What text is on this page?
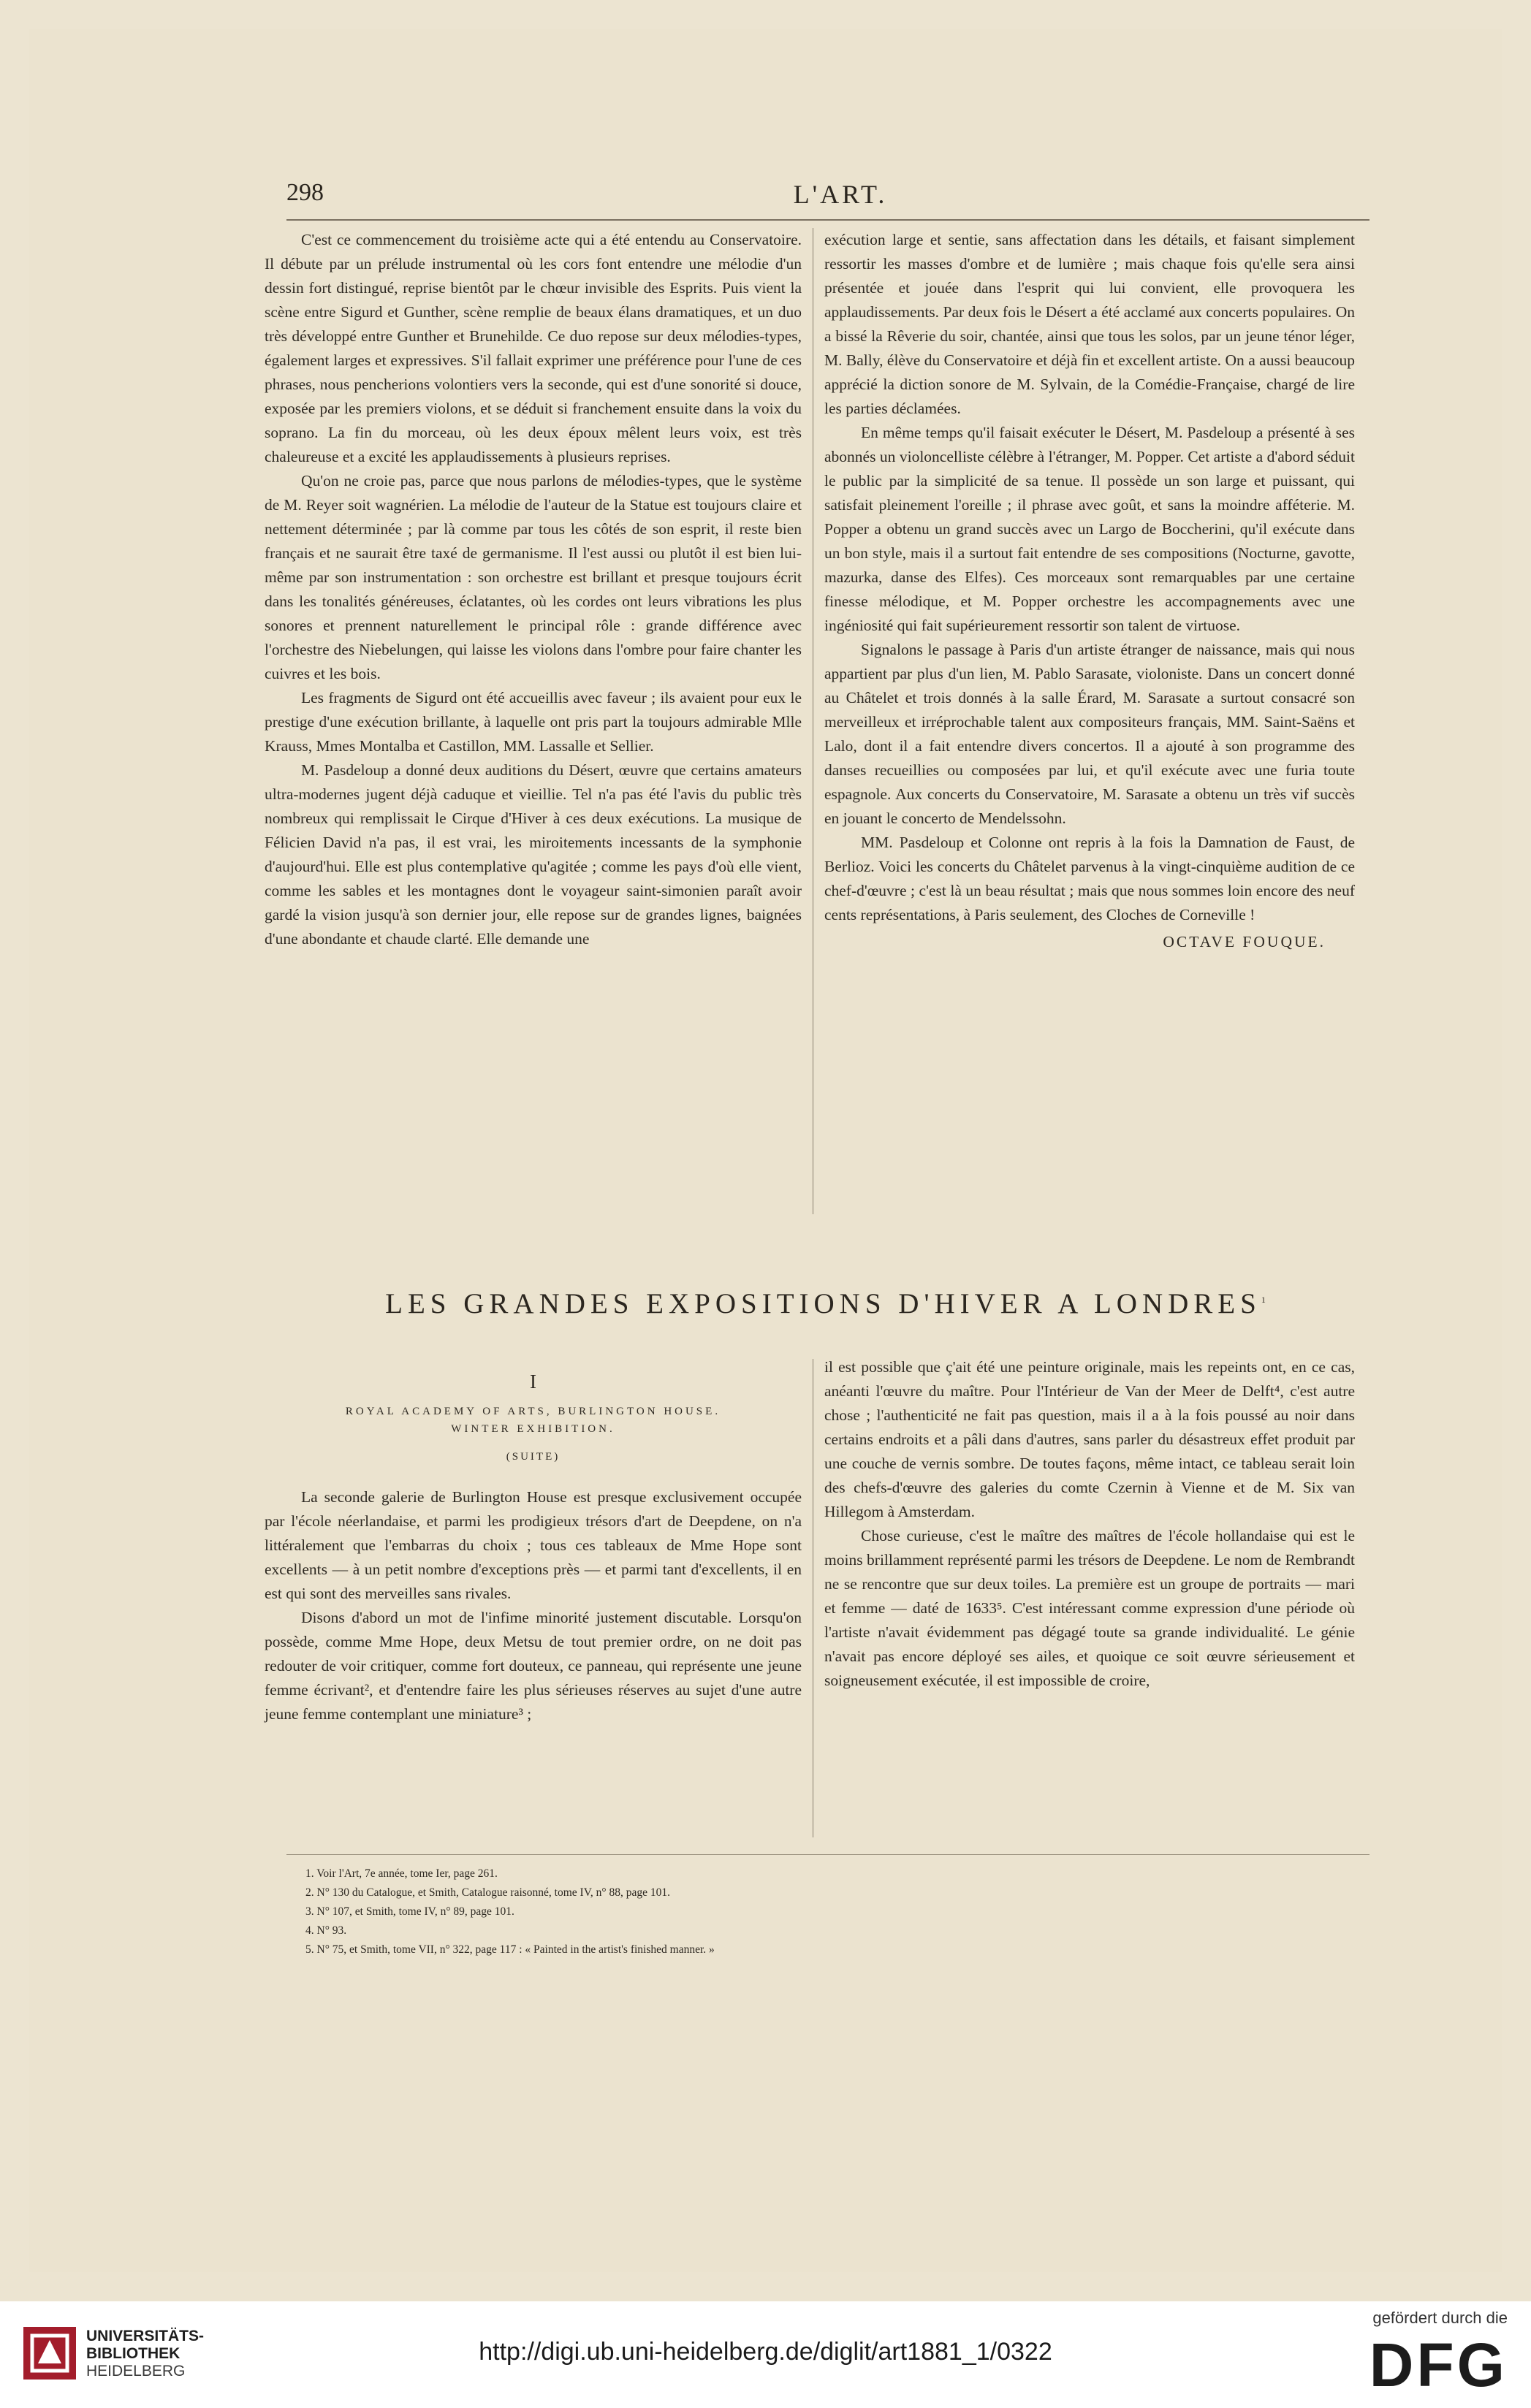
298	L'ART.

C'est ce commencement du troisième acte qui a été entendu au Conservatoire. Il débute par un prélude instrumental où les cors font entendre une mélodie d'un dessin fort distingué, reprise bientôt par le chœur invisible des Esprits. Puis vient la scène entre Sigurd et Gunther, scène remplie de beaux élans dramatiques, et un duo très développé entre Gunther et Brunehilde. Ce duo repose sur deux mélodies-types, également larges et expressives. S'il fallait exprimer une préférence pour l'une de ces phrases, nous pencherions volontiers vers la seconde, qui est d'une sonorité si douce, exposée par les premiers violons, et se déduit si franchement ensuite dans la voix du soprano. La fin du morceau, où les deux époux mêlent leurs voix, est très chaleureuse et a excité les applaudissements à plusieurs reprises.

Qu'on ne croie pas, parce que nous parlons de mélodies-types, que le système de M. Reyer soit wagnérien. La mélodie de l'auteur de la Statue est toujours claire et nettement déterminée ; par là comme par tous les côtés de son esprit, il reste bien français et ne saurait être taxé de germanisme. Il l'est aussi ou plutôt il est bien lui-même par son instrumentation : son orchestre est brillant et presque toujours écrit dans les tonalités généreuses, éclatantes, où les cordes ont leurs vibrations les plus sonores et prennent naturellement le principal rôle : grande différence avec l'orchestre des Niebelungen, qui laisse les violons dans l'ombre pour faire chanter les cuivres et les bois.

Les fragments de Sigurd ont été accueillis avec faveur ; ils avaient pour eux le prestige d'une exécution brillante, à laquelle ont pris part la toujours admirable Mlle Krauss, Mmes Montalba et Castillon, MM. Lassalle et Sellier.

M. Pasdeloup a donné deux auditions du Désert, œuvre que certains amateurs ultra-modernes jugent déjà caduque et vieillie. Tel n'a pas été l'avis du public très nombreux qui remplissait le Cirque d'Hiver à ces deux exécutions. La musique de Félicien David n'a pas, il est vrai, les miroitements incessants de la symphonie d'aujourd'hui. Elle est plus contemplative qu'agitée ; comme les pays d'où elle vient, comme les sables et les montagnes dont le voyageur saint-simonien paraît avoir gardé la vision jusqu'à son dernier jour, elle repose sur de grandes lignes, baignées d'une abondante et chaude clarté. Elle demande une

exécution large et sentie, sans affectation dans les détails, et faisant simplement ressortir les masses d'ombre et de lumière ; mais chaque fois qu'elle sera ainsi présentée et jouée dans l'esprit qui lui convient, elle provoquera les applaudissements. Par deux fois le Désert a été acclamé aux concerts populaires. On a bissé la Rêverie du soir, chantée, ainsi que tous les solos, par un jeune ténor léger, M. Bally, élève du Conservatoire et déjà fin et excellent artiste. On a aussi beaucoup apprécié la diction sonore de M. Sylvain, de la Comédie-Française, chargé de lire les parties déclamées.

En même temps qu'il faisait exécuter le Désert, M. Pasdeloup a présenté à ses abonnés un violoncelliste célèbre à l'étranger, M. Popper. Cet artiste a d'abord séduit le public par la simplicité de sa tenue. Il possède un son large et puissant, qui satisfait pleinement l'oreille ; il phrase avec goût, et sans la moindre afféterie. M. Popper a obtenu un grand succès avec un Largo de Boccherini, qu'il exécute dans un bon style, mais il a surtout fait entendre de ses compositions (Nocturne, gavotte, mazurka, danse des Elfes). Ces morceaux sont remarquables par une certaine finesse mélodique, et M. Popper orchestre les accompagnements avec une ingéniosité qui fait supérieurement ressortir son talent de virtuose.

Signalons le passage à Paris d'un artiste étranger de naissance, mais qui nous appartient par plus d'un lien, M. Pablo Sarasate, violoniste. Dans un concert donné au Châtelet et trois donnés à la salle Érard, M. Sarasate a surtout consacré son merveilleux et irréprochable talent aux compositeurs français, MM. Saint-Saëns et Lalo, dont il a fait entendre divers concertos. Il a ajouté à son programme des danses recueillies ou composées par lui, et qu'il exécute avec une furia toute espagnole. Aux concerts du Conservatoire, M. Sarasate a obtenu un très vif succès en jouant le concerto de Mendelssohn.

MM. Pasdeloup et Colonne ont repris à la fois la Damnation de Faust, de Berlioz. Voici les concerts du Châtelet parvenus à la vingt-cinquième audition de ce chef-d'œuvre ; c'est là un beau résultat ; mais que nous sommes loin encore des neuf cents représentations, à Paris seulement, des Cloches de Corneville !

OCTAVE FOUQUE.

LES GRANDES EXPOSITIONS D'HIVER A LONDRES$^1$

I

ROYAL ACADEMY OF ARTS, BURLINGTON HOUSE.

WINTER EXHIBITION.

(SUITE)

La seconde galerie de Burlington House est presque exclusivement occupée par l'école néerlandaise, et parmi les prodigieux trésors d'art de Deepdene, on n'a littéralement que l'embarras du choix ; tous ces tableaux de Mme Hope sont excellents — à un petit nombre d'exceptions près — et parmi tant d'excellents, il en est qui sont des merveilles sans rivales.

Disons d'abord un mot de l'infime minorité justement discutable. Lorsqu'on possède, comme Mme Hope, deux Metsu de tout premier ordre, on ne doit pas redouter de voir critiquer, comme fort douteux, ce panneau, qui représente une jeune femme écrivant², et d'entendre faire les plus sérieuses réserves au sujet d'une autre jeune femme contemplant une miniature³ ;

il est possible que ç'ait été une peinture originale, mais les repeints ont, en ce cas, anéanti l'œuvre du maître. Pour l'Intérieur de Van der Meer de Delft⁴, c'est autre chose ; l'authenticité ne fait pas question, mais il a à la fois poussé au noir dans certains endroits et a pâli dans d'autres, sans parler du désastreux effet produit par une couche de vernis sombre. De toutes façons, même intact, ce tableau serait loin des chefs-d'œuvre des galeries du comte Czernin à Vienne et de M. Six van Hillegom à Amsterdam.

Chose curieuse, c'est le maître des maîtres de l'école hollandaise qui est le moins brillamment représenté parmi les trésors de Deepdene. Le nom de Rembrandt ne se rencontre que sur deux toiles. La première est un groupe de portraits — mari et femme — daté de 1633⁵. C'est intéressant comme expression d'une période où l'artiste n'avait évidemment pas dégagé toute sa grande individualité. Le génie n'avait pas encore déployé ses ailes, et quoique ce soit œuvre sérieusement et soigneusement exécutée, il est impossible de croire,

1. Voir l'Art, 7e année, tome Ier, page 261.
2. N° 130 du Catalogue, et Smith, Catalogue raisonné, tome IV, n° 88, page 101.
3. N° 107, et Smith, tome IV, n° 89, page 101.
4. N° 93.
5. N° 75, et Smith, tome VII, n° 322, page 117 : « Painted in the artist's finished manner. »
UNIVERSITÄTS-
BIBLIOTHEK
HEIDELBERG
http://digi.ub.uni-heidelberg.de/diglit/art1881_1/0322
gefördert durch die
DFG
